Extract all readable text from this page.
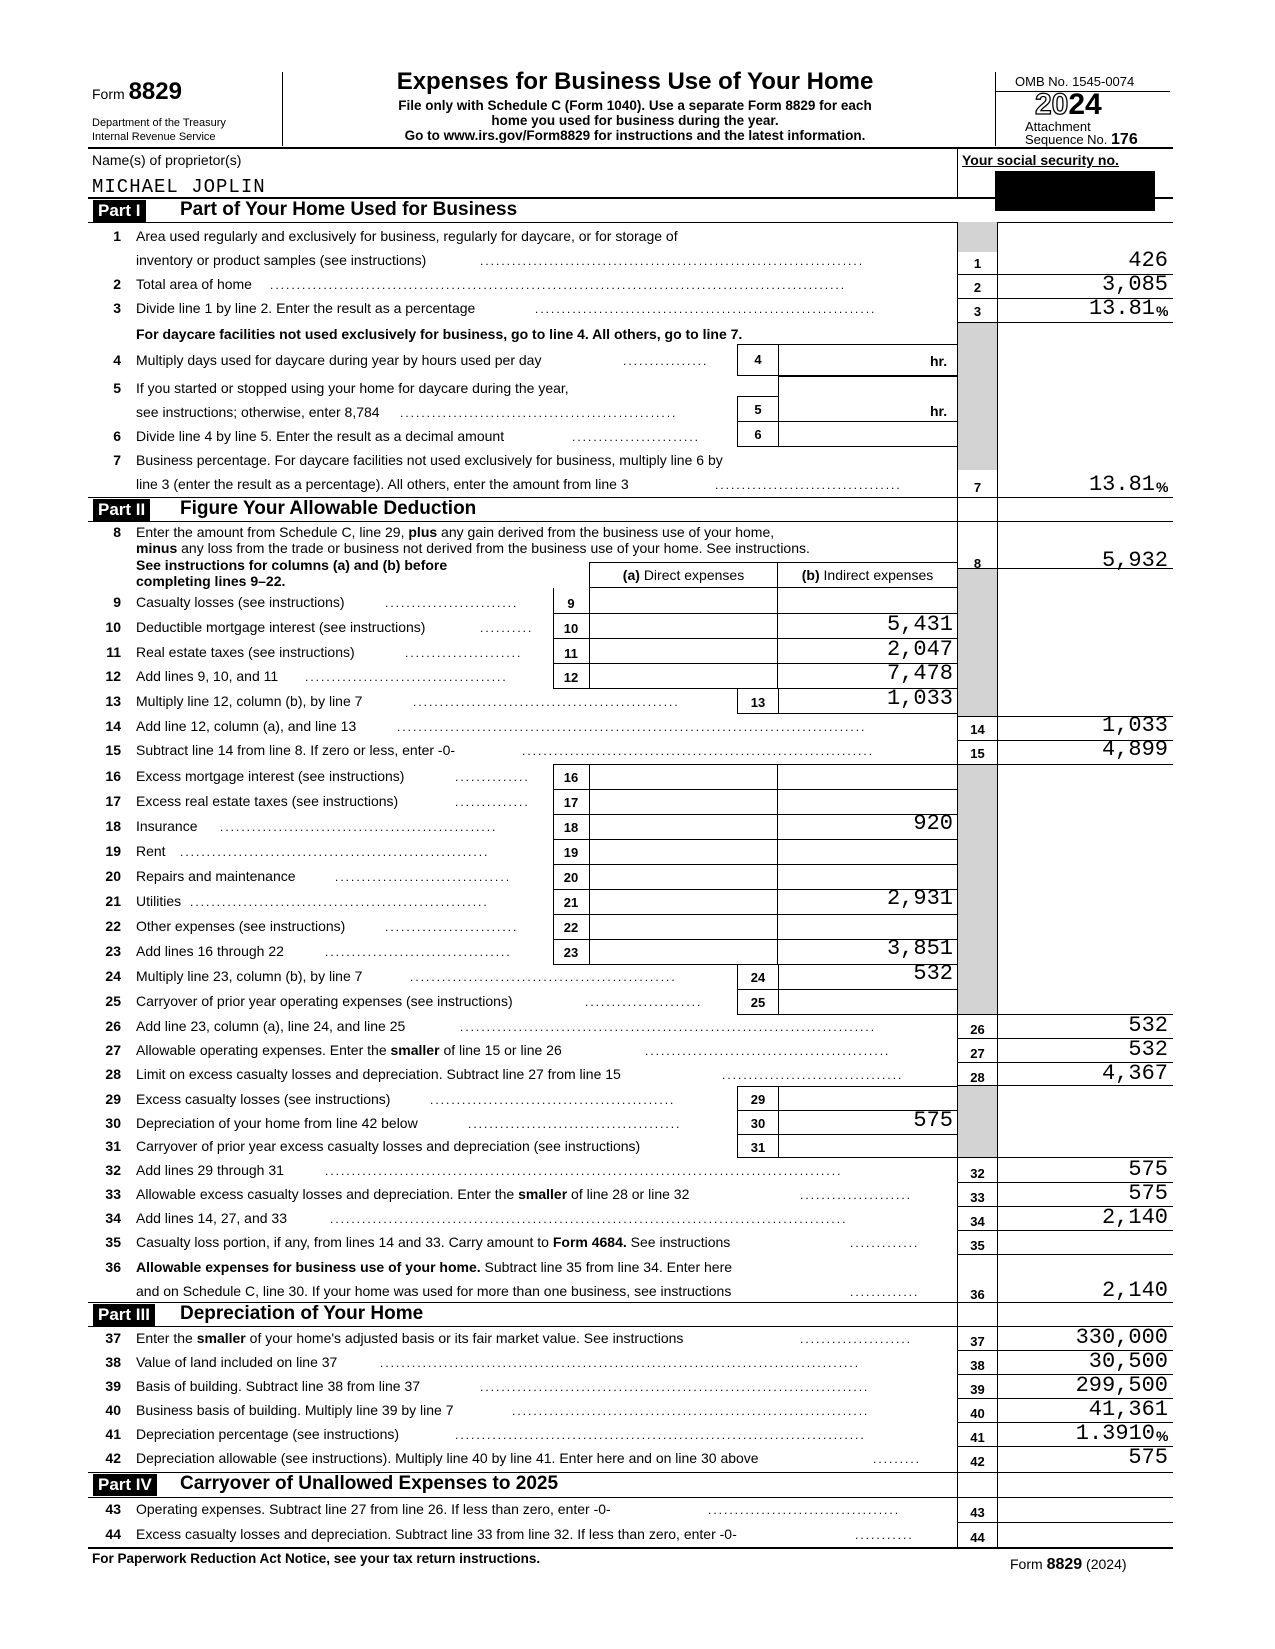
Form 8829
Department of the Treasury
Internal Revenue Service
Expenses for Business Use of Your Home
File only with Schedule C (Form 1040). Use a separate Form 8829 for each
home you used for business during the year.
Go to www.irs.gov/Form8829 for instructions and the latest information.
OMB No. 1545-0074
2024
Attachment
Sequence No. 176
Name(s) of proprietor(s)
MICHAEL JOPLIN
Your social security no.
Part I Part of Your Home Used for Business
1 Area used regularly and exclusively for business, regularly for daycare, or for storage of
inventory or product samples (see instructions)	........................................................................	1	426
2 Total area of home ............................................................................................................	2	3,085
3 Divide line 1 by line 2. Enter the result as a percentage	................................................................	3	13.81 %
For daycare facilities not used exclusively for business, go to line 4. All others, go to line 7.
4 Multiply days used for daycare during year by hours used per day	................	4	hr.
5 If you started or stopped using your home for daycare during the year,
see instructions; otherwise, enter 8,784 ....................................................	5	hr.
6 Divide line 4 by line 5. Enter the result as a decimal amount	........................	6
7 Business percentage. For daycare facilities not used exclusively for business, multiply line 6 by
line 3 (enter the result as a percentage). All others, enter the amount from line 3	...................................	7	13.81 %
Part II Figure Your Allowable Deduction
8 Enter the amount from Schedule C, line 29, plus any gain derived from the business use of your home,
minus any loss from the trade or business not derived from the business use of your home. See instructions.
8	5,932
See instructions for columns (a) and (b) before
completing lines 9–22.	(a) Direct expenses	(b) Indirect expenses
9 Casualty losses (see instructions)	.........................	9
10 Deductible mortgage interest (see instructions)	..........	10	5,431
11 Real estate taxes (see instructions)	......................	11	2,047
12 Add lines 9, 10, and 11 ......................................	12	7,478
13 Multiply line 12, column (b), by line 7	..................................................	13	1,033
14 Add line 12, column (a), and line 13	........................................................................................	14	1,033
15 Subtract line 14 from line 8. If zero or less, enter -0-	..................................................................	15	4,899
16 Excess mortgage interest (see instructions)	..............	16
17 Excess real estate taxes (see instructions)	..............	17
18 Insurance ....................................................	18	920
19 Rent ..........................................................	19
20 Repairs and maintenance	.................................	20
21 Utilities ........................................................	21	2,931
22 Other expenses (see instructions)	.........................	22
23 Add lines 16 through 22	...................................	23	3,851
24 Multiply line 23, column (b), by line 7	..................................................	24	532
25 Carryover of prior year operating expenses (see instructions)	......................	25
26 Add line 23, column (a), line 24, and line 25	..............................................................................	26	532
27 Allowable operating expenses. Enter the smaller of line 15 or line 26	..............................................	27	532
28 Limit on excess casualty losses and depreciation. Subtract line 27 from line 15	..................................	28	4,367
29 Excess casualty losses (see instructions)	..............................................	29
30 Depreciation of your home from line 42 below	........................................	30	575
31 Carryover of prior year excess casualty losses and depreciation (see instructions)	31
32 Add lines 29 through 31	.................................................................................................	32	575
33 Allowable excess casualty losses and depreciation. Enter the smaller of line 28 or line 32	.....................	33	575
34 Add lines 14, 27, and 33	.................................................................................................	34	2,140
35 Casualty loss portion, if any, from lines 14 and 33. Carry amount to Form 4684. See instructions	.............	35
36 Allowable expenses for business use of your home. Subtract line 35 from line 34. Enter here
and on Schedule C, line 30. If your home was used for more than one business, see instructions	.............	36	2,140
Part III Depreciation of Your Home
37 Enter the smaller of your home's adjusted basis or its fair market value. See instructions	.....................	37	330,000
38 Value of land included on line 37	..........................................................................................	38	30,500
39 Basis of building. Subtract line 38 from line 37	.........................................................................	39	299,500
40 Business basis of building. Multiply line 39 by line 7	...................................................................	40	41,361
41 Depreciation percentage (see instructions)	.............................................................................	41	1.3910 %
42 Depreciation allowable (see instructions). Multiply line 40 by line 41. Enter here and on line 30 above	.........	42	575
Part IV Carryover of Unallowed Expenses to 2025
43 Operating expenses. Subtract line 27 from line 26. If less than zero, enter -0-	....................................	43
44 Excess casualty losses and depreciation. Subtract line 33 from line 32. If less than zero, enter -0-	...........	44
For Paperwork Reduction Act Notice, see your tax return instructions.	Form 8829 (2024)
